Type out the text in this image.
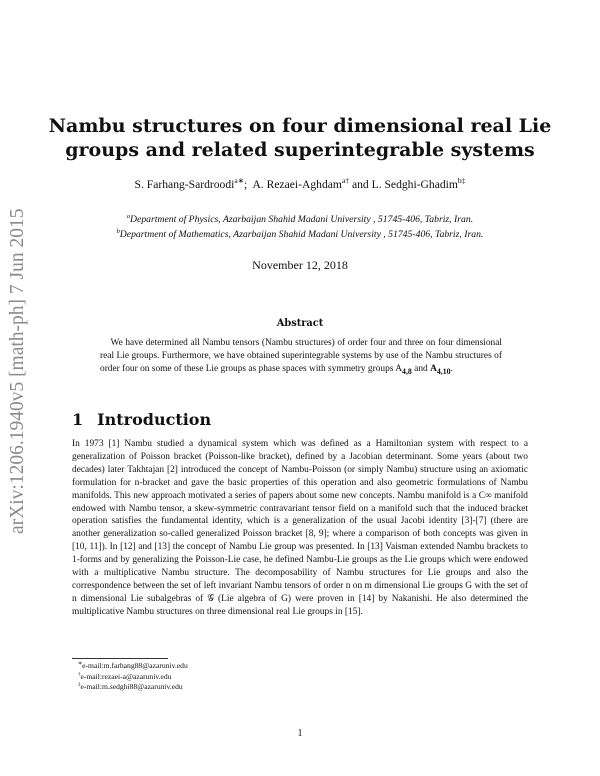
arXiv:1206.1940v5 [math-ph] 7 Jun 2015
Nambu structures on four dimensional real Lie
groups and related superintegrable systems
S. Farhang-Sardroodi$^{a∗}$; A. Rezaei-Aghdam$^{a\dagger}$ and L. Sedghi-Ghadim$^{b\ddagger}$
$^a$Department of Physics, Azarbaijan Shahid Madani University , 51745-406, Tabriz, Iran.
$^b$Department of Mathematics, Azarbaijan Shahid Madani University , 51745-406, Tabriz, Iran.
November 12, 2018
Abstract
We have determined all Nambu tensors (Nambu structures) of order four and three on four dimensional real Lie groups. Furthermore, we have obtained superintegrable systems by use of the Nambu structures of order four on some of these Lie groups as phase spaces with symmetry groups $A_{4,8}$ and $A_{4,10}$.
1 Introduction

In 1973 [1] Nambu studied a dynamical system which was defined as a Hamiltonian system with respect to a generalization of Poisson bracket (Poisson-like bracket), defined by a Jacobian determinant. Some years (about two decades) later Takhtajan [2] introduced the concept of Nambu-Poisson (or simply Nambu) structure using an axiomatic formulation for n-bracket and gave the basic properties of this operation and also geometric formulations of Nambu manifolds. This new approach motivated a series of papers about some new concepts. Nambu manifold is a C∞ manifold endowed with Nambu tensor, a skew-symmetric contravariant tensor field on a manifold such that the induced bracket operation satisfies the fundamental identity, which is a generalization of the usual Jacobi identity [3]-[7] (there are another generalization so-called generalized Poisson bracket [8, 9]; where a comparison of both concepts was given in [10, 11]). In [12] and [13] the concept of Nambu Lie group was presented. In [13] Vaisman extended Nambu brackets to 1-forms and by generalizing the Poisson-Lie case, he defined Nambu-Lie groups as the Lie groups which were endowed with a multiplicative Nambu structure. The decomposability of Nambu structures for Lie groups and also the correspondence between the set of left invariant Nambu tensors of order n on m dimensional Lie groups G with the set of n dimensional Lie subalgebras of 𝒢 (Lie algebra of G) were proven in [14] by Nakanishi. He also determined the multiplicative Nambu structures on three dimensional real Lie groups in [15].

∗e-mail:m.farhang88@azaruniv.edu
†e-mail:rezaei-a@azaruniv.edu
‡e-mail:m.sedghi88@azaruniv.edu
1
